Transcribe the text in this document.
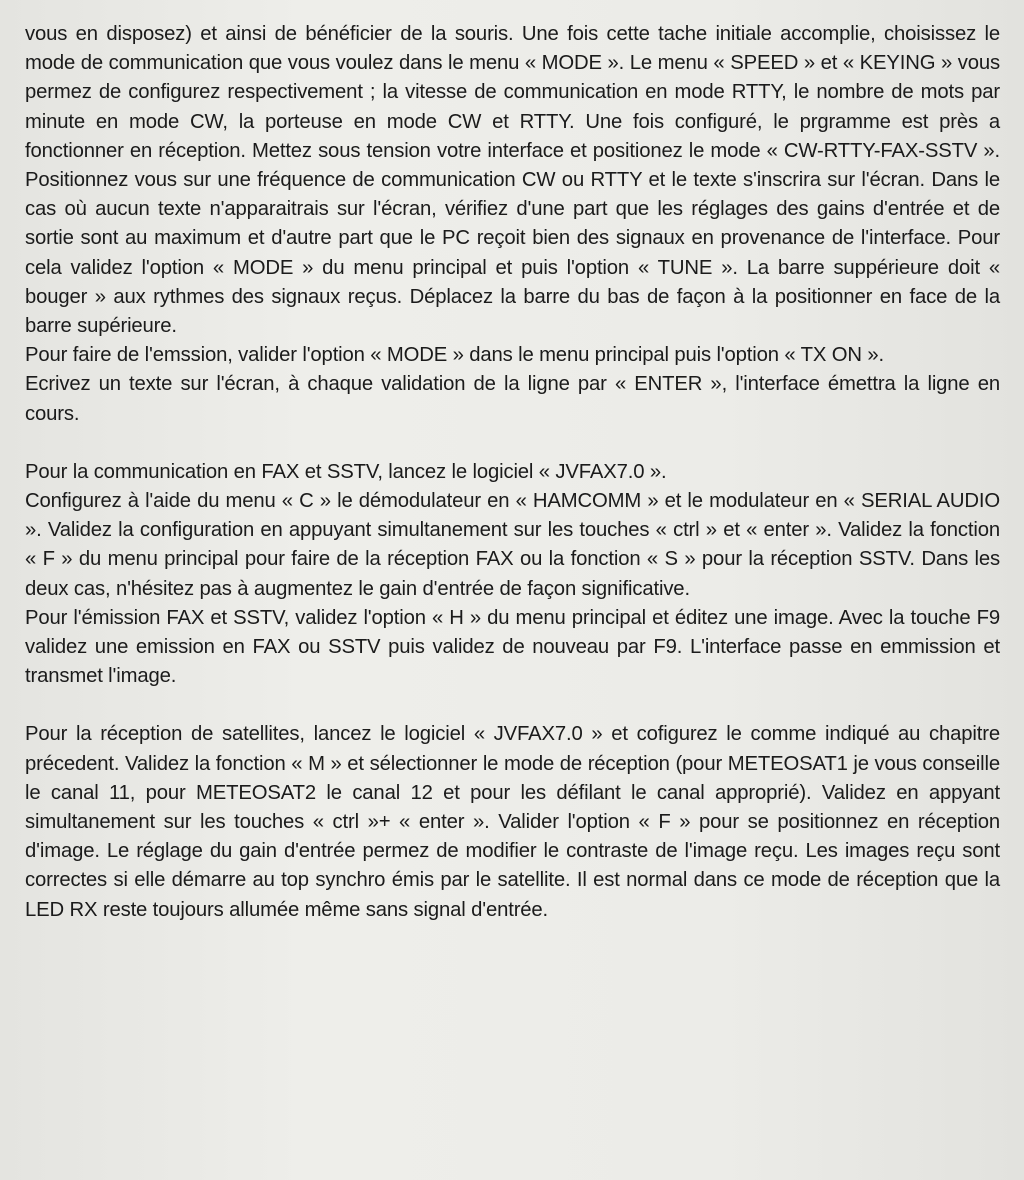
vous en disposez) et ainsi de bénéficier de la souris. Une fois cette tache initiale accomplie, choisissez le mode de communication que vous voulez dans le menu « MODE ». Le menu « SPEED » et « KEYING » vous permez de configurez respectivement ; la vitesse de communication en mode RTTY, le nombre de mots par minute en mode CW, la porteuse en mode CW et RTTY. Une fois configuré, le prgramme est près a fonctionner en réception. Mettez sous tension votre interface et positionez le mode « CW-RTTY-FAX-SSTV ». Positionnez vous sur une fréquence de communication CW ou RTTY et le texte s'inscrira sur l'écran. Dans le cas où aucun texte n'apparaitrais sur l'écran, vérifiez d'une part que les réglages des gains d'entrée et de sortie sont au maximum et d'autre part que le PC reçoit bien des signaux en provenance de l'interface. Pour cela validez l'option « MODE » du menu principal et puis l'option « TUNE ». La barre suppérieure doit « bouger » aux rythmes des signaux reçus. Déplacez la barre du bas de façon à la positionner en face de la barre supérieure.

Pour faire de l'emssion, valider l'option « MODE » dans le menu principal puis l'option « TX ON ».

Ecrivez un texte sur l'écran, à chaque validation de la ligne par « ENTER », l'interface émettra la ligne en cours.

Pour la communication en FAX et SSTV, lancez le logiciel « JVFAX7.0 ».

Configurez à l'aide du menu « C » le démodulateur en « HAMCOMM » et le modulateur en « SERIAL AUDIO ». Validez la configuration en appuyant simultanement sur les touches « ctrl » et « enter ». Validez la fonction « F » du menu principal pour faire de la réception FAX ou la fonction « S » pour la réception SSTV. Dans les deux cas, n'hésitez pas à augmentez le gain d'entrée de façon significative.

Pour l'émission FAX et SSTV, validez l'option « H » du menu principal et éditez une image. Avec la touche F9 validez une emission en FAX ou SSTV puis validez de nouveau par F9. L'interface passe en emmission et transmet l'image.

Pour la réception de satellites, lancez le logiciel « JVFAX7.0 » et cofigurez le comme indiqué au chapitre précedent. Validez la fonction « M » et sélectionner le mode de réception (pour METEOSAT1 je vous conseille le canal 11, pour METEOSAT2 le canal 12 et pour les défilant le canal approprié). Validez en appyant simultanement sur les touches « ctrl »+ « enter ». Valider l'option « F » pour se positionnez en réception d'image. Le réglage du gain d'entrée permez de modifier le contraste de l'image reçu. Les images reçu sont correctes si elle démarre au top synchro émis par le satellite. Il est normal dans ce mode de réception que la LED RX reste toujours allumée même sans signal d'entrée.
